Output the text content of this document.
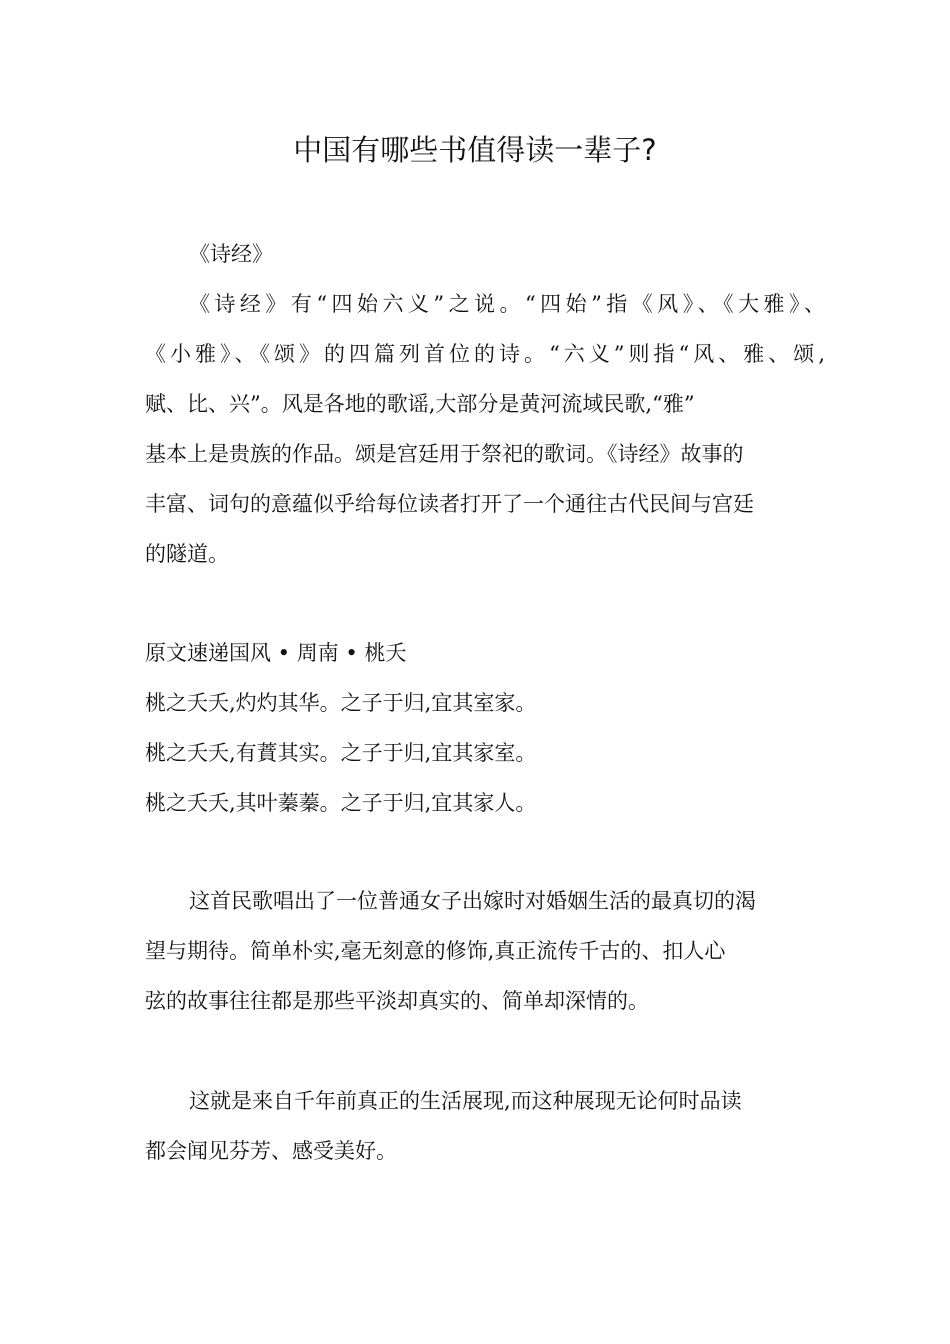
中国有哪些书值得读一辈子?
《诗经》
《诗经》有“四始六义”之说。“四始”指《风》、《大雅》、
《小雅》、《颂》的四篇列首位的诗。“六义”则指“风、雅、颂,
赋、比、兴”。风是各地的歌谣,大部分是黄河流域民歌,“雅”
基本上是贵族的作品。颂是宫廷用于祭祀的歌词。《诗经》故事的
丰富、词句的意蕴似乎给每位读者打开了一个通往古代民间与宫廷
的隧道。
原文速递国风 • 周南 • 桃夭
桃之夭夭,灼灼其华。之子于归,宜其室家。
桃之夭夭,有蕡其实。之子于归,宜其家室。
桃之夭夭,其叶蓁蓁。之子于归,宜其家人。
这首民歌唱出了一位普通女子出嫁时对婚姻生活的最真切的渴
望与期待。简单朴实,毫无刻意的修饰,真正流传千古的、扣人心
弦的故事往往都是那些平淡却真实的、简单却深情的。
这就是来自千年前真正的生活展现,而这种展现无论何时品读
都会闻见芬芳、感受美好。
